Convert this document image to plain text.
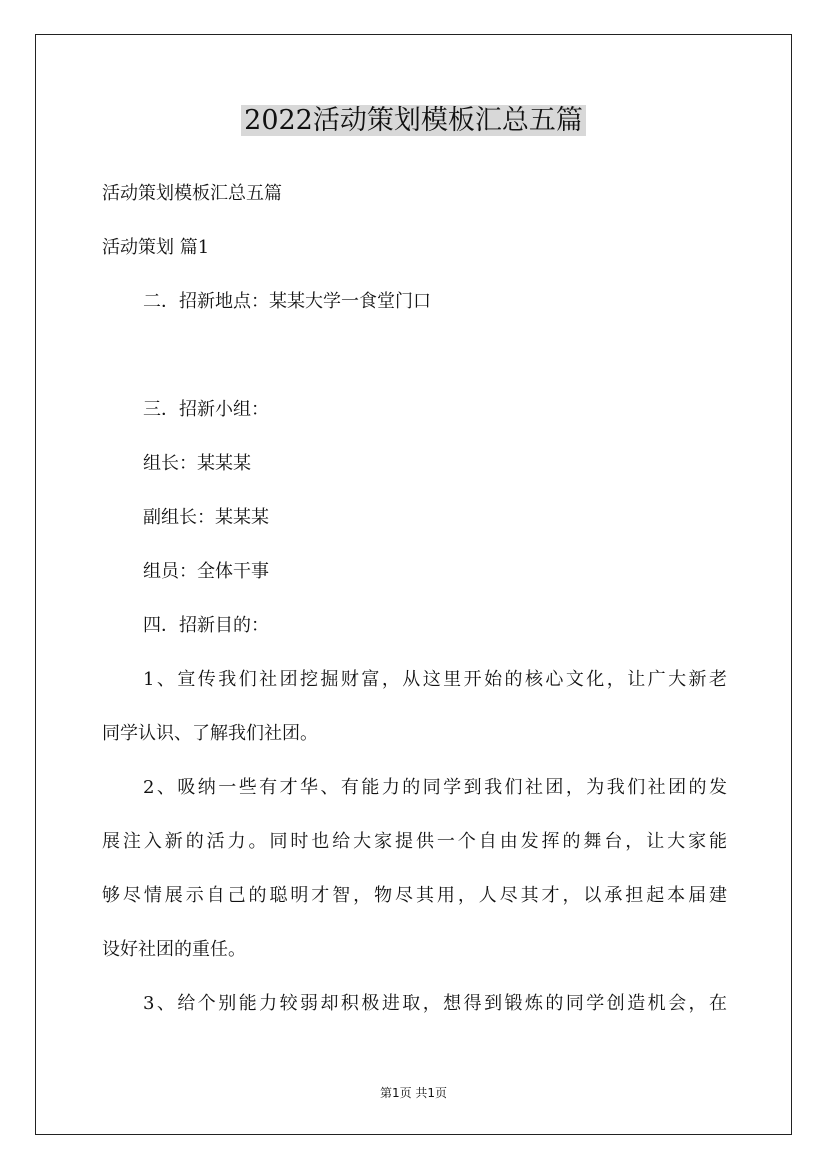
2022活动策划模板汇总五篇
活动策划模板汇总五篇
活动策划 篇1
二．招新地点：某某大学一食堂门口
三．招新小组：
组长：某某某
副组长：某某某
组员：全体干事
四．招新目的：
1、宣传我们社团挖掘财富，从这里开始的核心文化，让广大新老
同学认识、了解我们社团。
2、吸纳一些有才华、有能力的同学到我们社团，为我们社团的发
展注入新的活力。同时也给大家提供一个自由发挥的舞台，让大家能
够尽情展示自己的聪明才智，物尽其用，人尽其才，以承担起本届建
设好社团的重任。
3、给个别能力较弱却积极进取，想得到锻炼的同学创造机会，在
第1页 共1页
